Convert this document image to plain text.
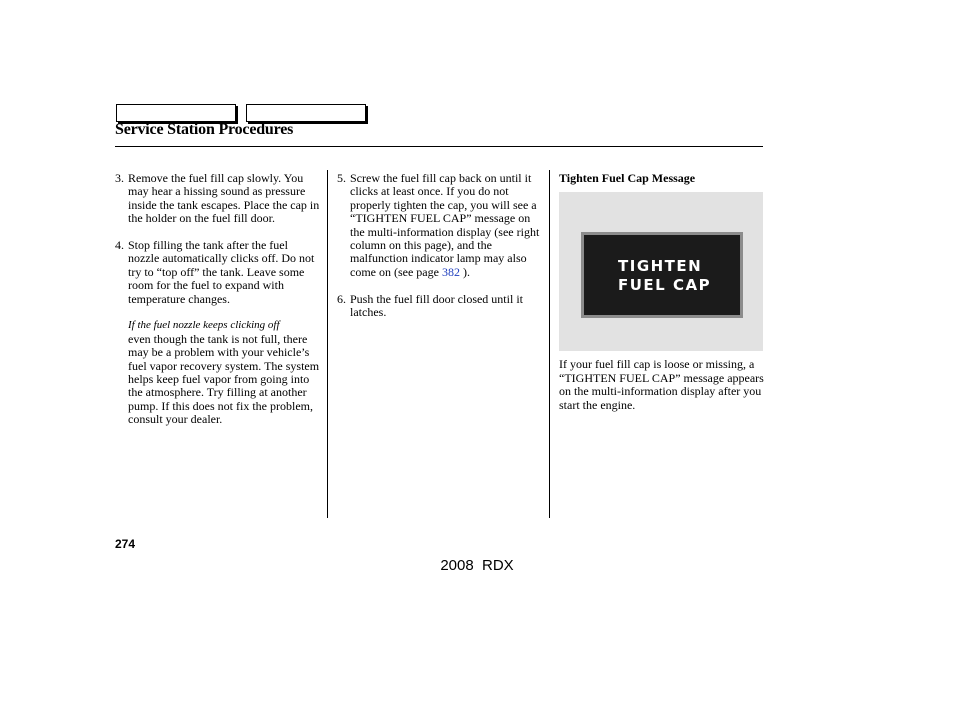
Service Station Procedures
3. Remove the fuel fill cap slowly. You may hear a hissing sound as pressure inside the tank escapes. Place the cap in the holder on the fuel fill door.
4. Stop filling the tank after the fuel nozzle automatically clicks off. Do not try to “top off” the tank. Leave some room for the fuel to expand with temperature changes.
If the fuel nozzle keeps clicking off
even though the tank is not full, there may be a problem with your vehicle’s fuel vapor recovery system. The system helps keep fuel vapor from going into the atmosphere. Try filling at another pump. If this does not fix the problem, consult your dealer.
5. Screw the fuel fill cap back on until it clicks at least once. If you do not properly tighten the cap, you will see a “TIGHTEN FUEL CAP” message on the multi-information display (see right column on this page), and the malfunction indicator lamp may also come on (see page 382 ).
6. Push the fuel fill door closed until it latches.
Tighten Fuel Cap Message
TIGHTEN
FUEL CAP
If your fuel fill cap is loose or missing, a “TIGHTEN FUEL CAP” message appears on the multi-information display after you start the engine.
274
2008  RDX
